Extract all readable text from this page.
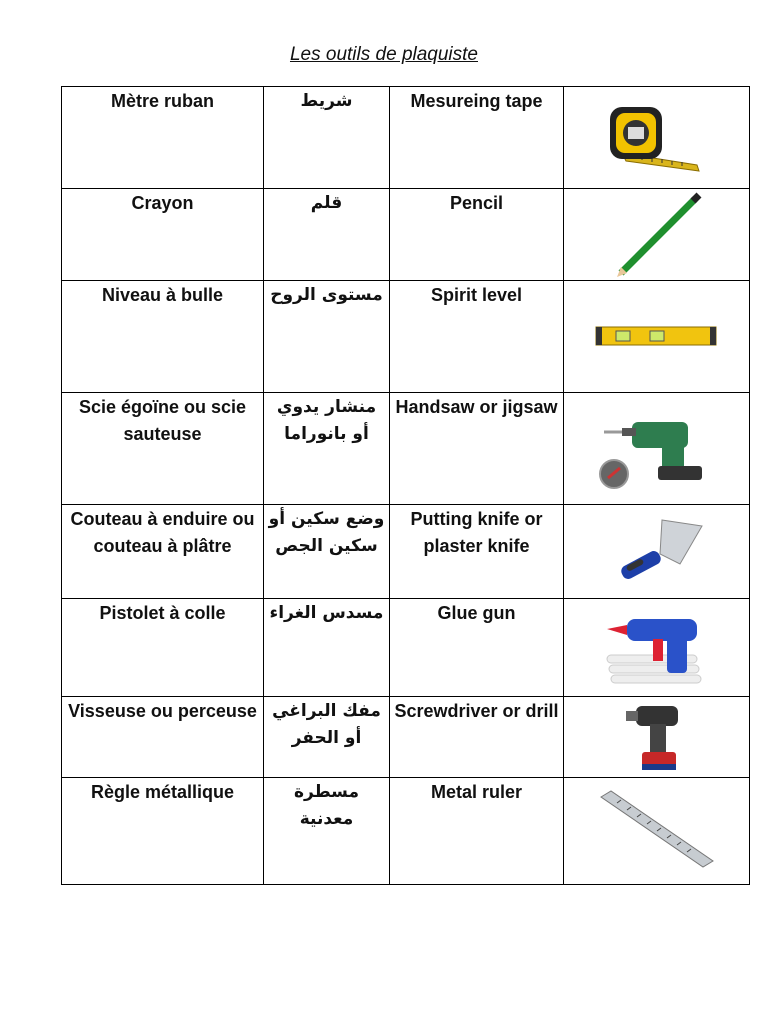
Les outils de plaquiste
Mètre ruban	شريط	Mesureing tape	

Crayon	قلم	Pencil	

Niveau à bulle	مستوى الروح	Spirit level	

Scie égoïne ou scie sauteuse	منشار يدوي أو بانوراما	Handsaw or jigsaw	

Couteau à enduire ou couteau à plâtre	وضع سكين أو سكين الجص	Putting knife or plaster knife	

Pistolet à colle	مسدس الغراء	Glue gun	

Visseuse ou perceuse	مفك البراغي أو الحفر	Screwdriver or drill	

Règle métallique	مسطرة معدنية	Metal ruler	
